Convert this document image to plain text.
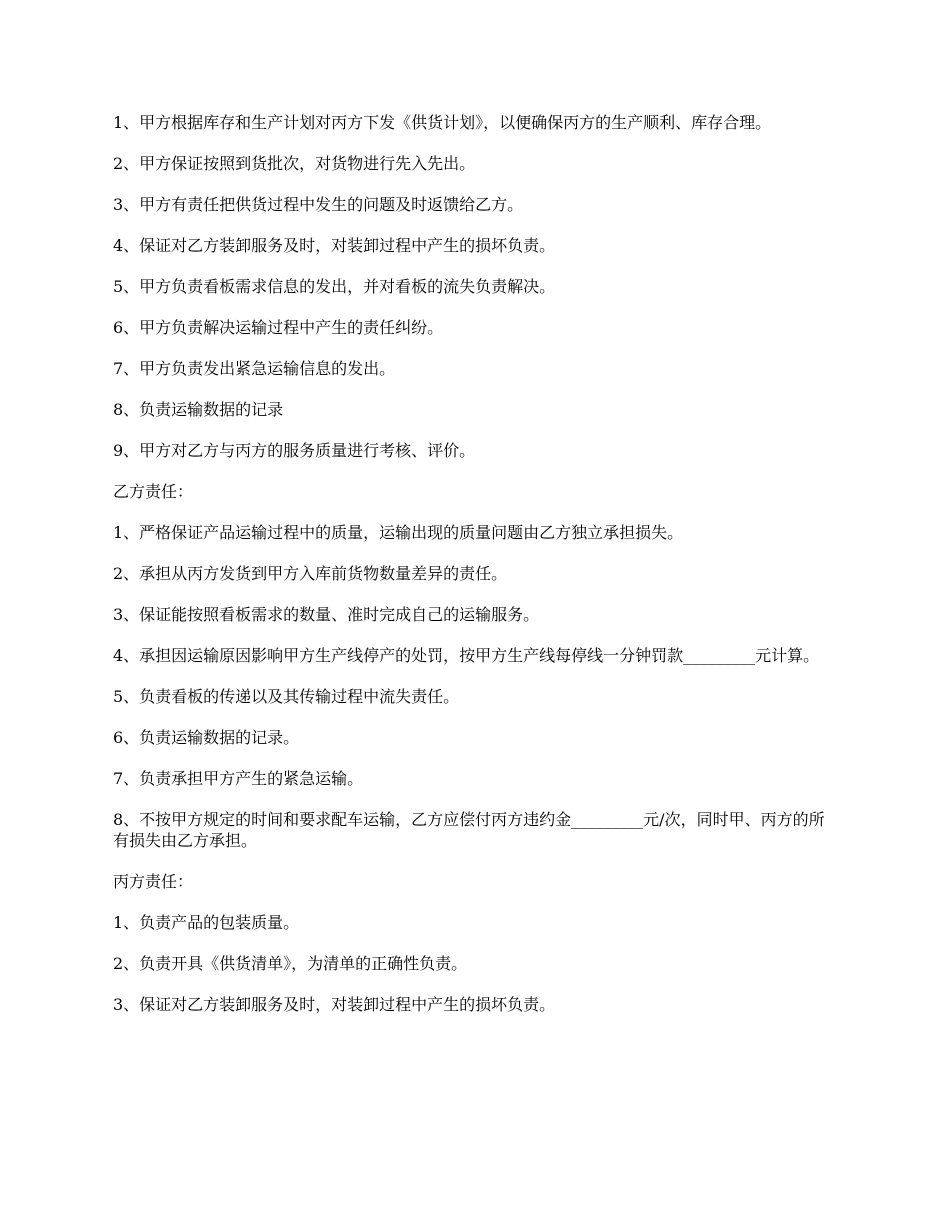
1、甲方根据库存和生产计划对丙方下发《供货计划》，以便确保丙方的生产顺利、库存合理。

2、甲方保证按照到货批次，对货物进行先入先出。

3、甲方有责任把供货过程中发生的问题及时返馈给乙方。

4、保证对乙方装卸服务及时，对装卸过程中产生的损坏负责。

5、甲方负责看板需求信息的发出，并对看板的流失负责解决。

6、甲方负责解决运输过程中产生的责任纠纷。

7、甲方负责发出紧急运输信息的发出。

8、负责运输数据的记录

9、甲方对乙方与丙方的服务质量进行考核、评价。

乙方责任：

1、严格保证产品运输过程中的质量，运输出现的质量问题由乙方独立承担损失。

2、承担从丙方发货到甲方入库前货物数量差异的责任。

3、保证能按照看板需求的数量、准时完成自己的运输服务。

4、承担因运输原因影响甲方生产线停产的处罚，按甲方生产线每停线一分钟罚款_________元计算。

5、负责看板的传递以及其传输过程中流失责任。

6、负责运输数据的记录。

7、负责承担甲方产生的紧急运输。

8、不按甲方规定的时间和要求配车运输，乙方应偿付丙方违约金_________元/次，同时甲、丙方的所有损失由乙方承担。

丙方责任：

1、负责产品的包装质量。

2、负责开具《供货清单》，为清单的正确性负责。

3、保证对乙方装卸服务及时，对装卸过程中产生的损坏负责。
